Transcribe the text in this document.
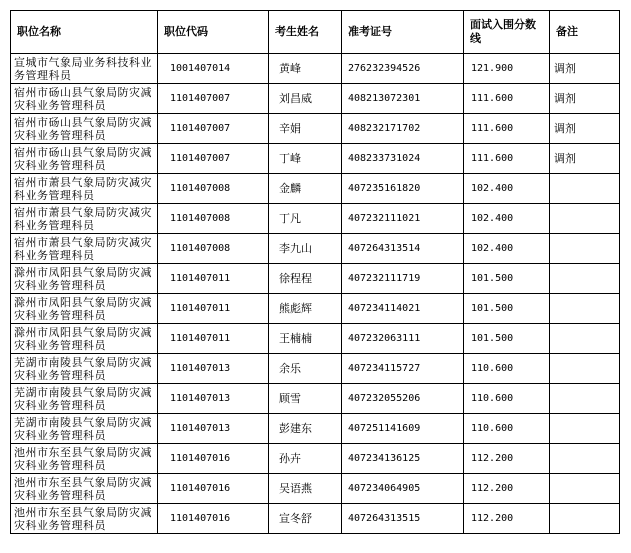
职位名称	职位代码	考生姓名	准考证号	面试入围分数线	备注
宣城市气象局业务科技科业务管理科员	1001407014	黄峰	276232394526	121.900	调剂
宿州市砀山县气象局防灾减灾科业务管理科员	1101407007	刘昌威	408213072301	111.600	调剂
宿州市砀山县气象局防灾减灾科业务管理科员	1101407007	辛娟	408232171702	111.600	调剂
宿州市砀山县气象局防灾减灾科业务管理科员	1101407007	丁峰	408233731024	111.600	调剂
宿州市萧县气象局防灾减灾科业务管理科员	1101407008	金麟	407235161820	102.400	
宿州市萧县气象局防灾减灾科业务管理科员	1101407008	丁凡	407232111021	102.400	
宿州市萧县气象局防灾减灾科业务管理科员	1101407008	李九山	407264313514	102.400	
滁州市凤阳县气象局防灾减灾科业务管理科员	1101407011	徐程程	407232111719	101.500	
滁州市凤阳县气象局防灾减灾科业务管理科员	1101407011	熊彪辉	407234114021	101.500	
滁州市凤阳县气象局防灾减灾科业务管理科员	1101407011	王楠楠	407232063111	101.500	
芜湖市南陵县气象局防灾减灾科业务管理科员	1101407013	余乐	407234115727	110.600	
芜湖市南陵县气象局防灾减灾科业务管理科员	1101407013	顾雪	407232055206	110.600	
芜湖市南陵县气象局防灾减灾科业务管理科员	1101407013	彭建东	407251141609	110.600	
池州市东至县气象局防灾减灾科业务管理科员	1101407016	孙卉	407234136125	112.200	
池州市东至县气象局防灾减灾科业务管理科员	1101407016	吴语燕	407234064905	112.200	
池州市东至县气象局防灾减灾科业务管理科员	1101407016	宣冬舒	407264313515	112.200	
